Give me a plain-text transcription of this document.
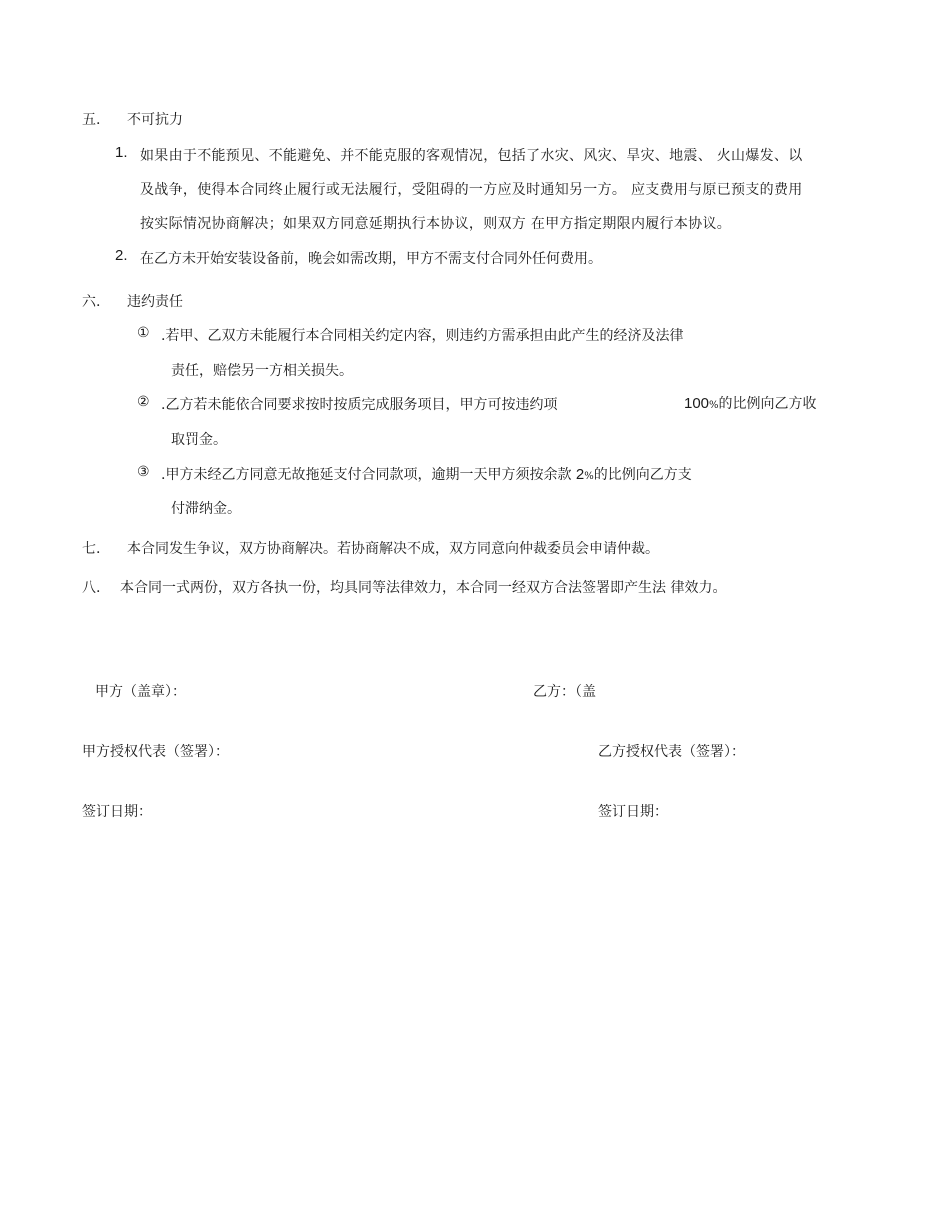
五. 不可抗力
1. 如果由于不能预见、不能避免、并不能克服的客观情况，包括了水灾、风灾、旱灾、地震、 火山爆发、以
及战争，使得本合同终止履行或无法履行，受阻碍的一方应及时通知另一方。 应支费用与原已预支的费用
按实际情况协商解决；如果双方同意延期执行本协议，则双方 在甲方指定期限内履行本协议。
2. 在乙方未开始安装设备前，晚会如需改期，甲方不需支付合同外任何费用。
六. 违约责任
① .若甲、乙双方未能履行本合同相关约定内容，则违约方需承担由此产生的经济及法律
责任，赔偿另一方相关损失。
② .乙方若未能依合同要求按时按质完成服务项目，甲方可按违约项	100%的比例向乙方收
取罚金。
③ .甲方未经乙方同意无故拖延支付合同款项，逾期一天甲方须按余款 2%的比例向乙方支
付滞纳金。
七. 本合同发生争议，双方协商解决。若协商解决不成，双方同意向仲裁委员会申请仲裁。
八. 本合同一式两份，双方各执一份，均具同等法律效力，本合同一经双方合法签署即产生法 律效力。
甲方（盖章）：	乙方：（盖
甲方授权代表（签署）：	乙方授权代表（签署）：
签订日期：	签订日期：
